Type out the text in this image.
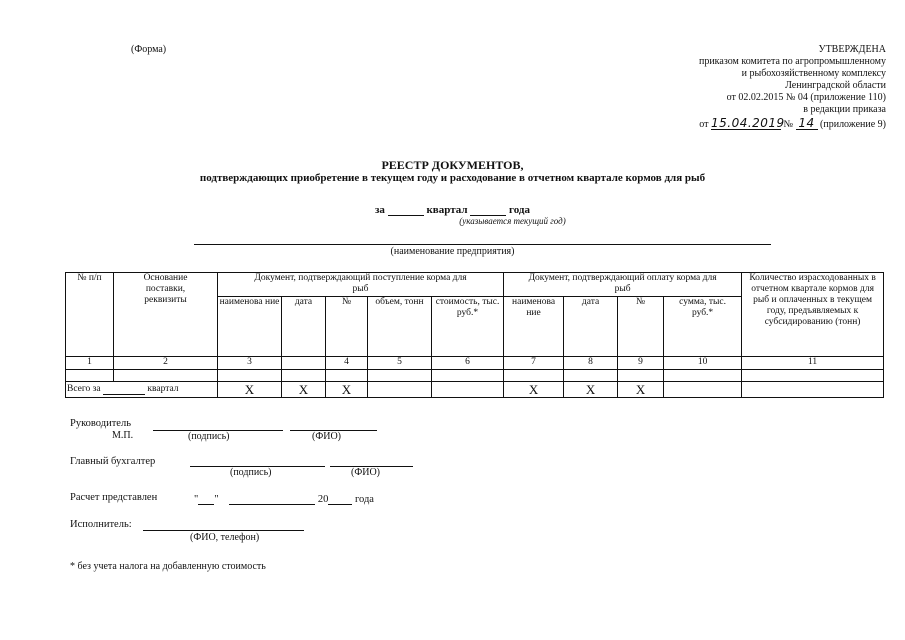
(Форма)	УТВЕРЖДЕНА
приказом комитета по агропромышленному
и рыбохозяйственному комплексу
Ленинградской области
от 02.02.2015 № 04 (приложение 110)
в редакции приказа
от 15.04.2019 № 14 (приложение 9)
РЕЕСТР ДОКУМЕНТОВ,
подтверждающих приобретение в текущем году и расходование в отчетном квартале кормов для рыб
за	квартал	года
(указывается текущий год)
(наименование предприятия)
№ п/п	Основание поставки, реквизиты	Документ, подтверждающий поступление корма для рыб					Документ, подтверждающий оплату корма для рыб				Количество израсходованных в отчетном квартале кормов для рыб и оплаченных в текущем году, предъявляемых к субсидированию (тонн)
		наименова ние	дата	№	объем, тонн	стоимость, тыс. руб.*	наименова ние	дата	№	сумма, тыс. руб.*	
1	2	3		4	5	6	7	8	9	10	11

Всего за квартал		X	X	X			X	X	X		
Руководитель
М.П.	(подпись)	(ФИО)
Главный бухгалтер
(подпись)	(ФИО)
Расчет представлен	" "	20	года
Исполнитель:
(ФИО, телефон)
* без учета налога на добавленную стоимость
